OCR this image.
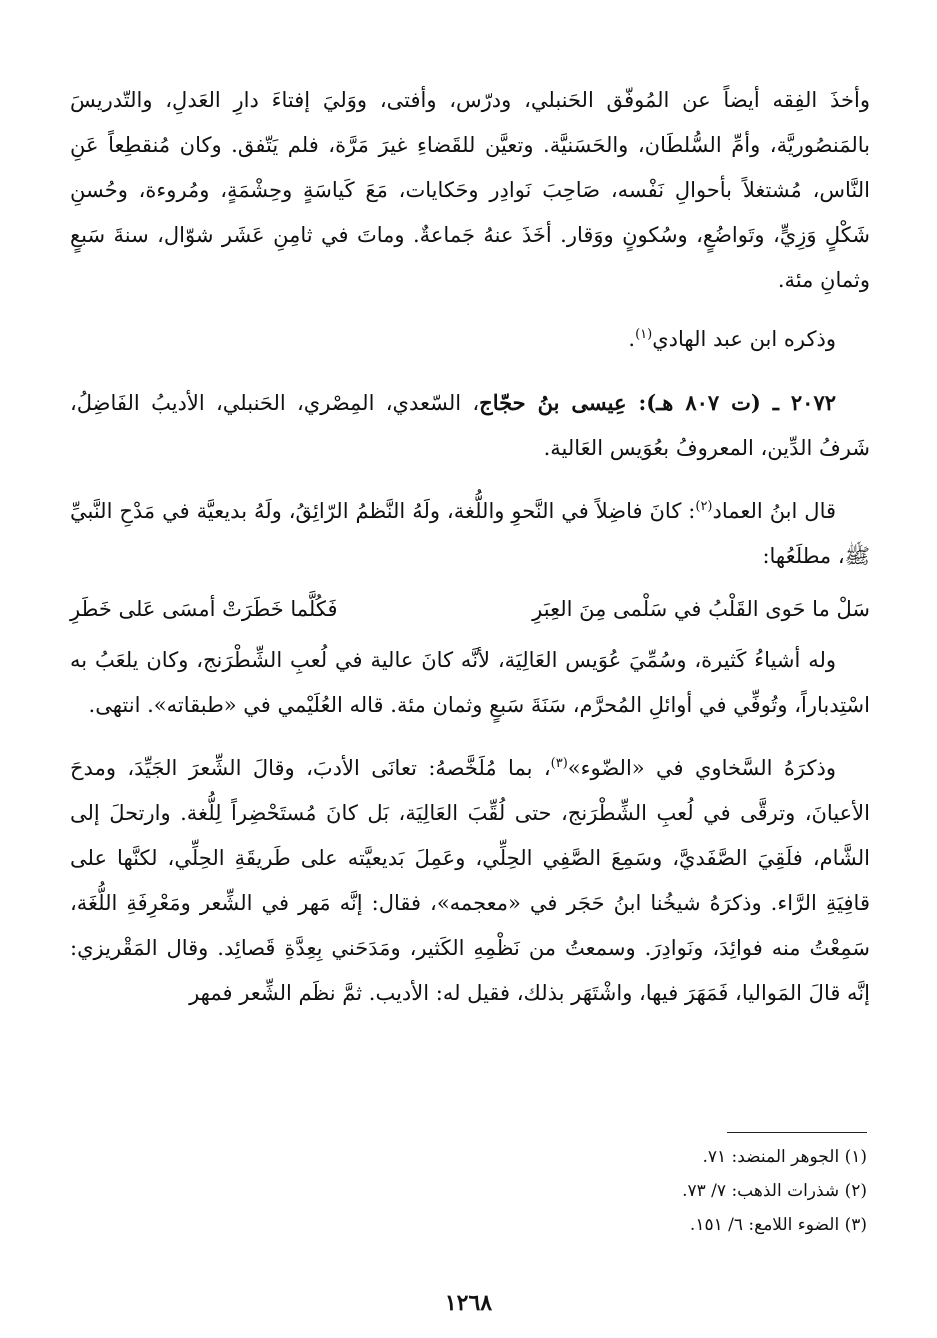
وأخذَ الفِقه أيضاً عن المُوفّق الحَنبلي، ودرّس، وأفتى، ووَليَ إفتاءَ دارِ العَدلِ، والتّدريسَ بالمَنصُوريَّة، وأمِّ السُّلطَان، والحَسَنيَّة. وتعيَّن للقَضاءِ غيرَ مَرَّة، فلم يَتّفق. وكان مُنقطِعاً عَنِ النَّاس، مُشتغلاً بأحوالِ نَفْسه، صَاحِبَ نَوادِر وحَكايات، مَعَ كَياسَةٍ وحِشْمَةٍ، ومُروءة، وحُسنِ شَكْلٍ وَزِيٍّ، وتَواضُعٍ، وسُكونٍ ووَقار. أخَذَ عنهُ جَماعةٌ. وماتَ في ثامِنِ عَشَر شوّال، سنةَ سَبعٍ وثمانِ مئة.

وذكره ابن عبد الهادي$^{(١)}$.

٢٠٧٢ ـ (ت ٨٠٧ هـ): عِيسى بنُ حجّاج، السّعدي، المِصْري، الحَنبلي، الأديبُ الفَاضِلُ، شَرفُ الدِّين، المعروفُ بعُوَيس العَالية.

قال ابنُ العماد$^{(٢)}$: كانَ فاضِلاً في النَّحوِ واللُّغة، ولَهُ النَّظمُ الرّائِقُ، ولَهُ بديعيَّة في مَدْحِ النَّبيِّ ﷺ، مطلَعُها:

سَلْ ما حَوى القَلْبُ في سَلْمى مِنَ العِبَرِ
فَكُلَّما خَطَرَتْ أمسَى عَلى خَطَرِ

وله أشياءُ كَثيرة، وسُمِّيَ عُوَيس العَالِيَة، لأنَّه كانَ عالية في لُعبِ الشِّطْرَنج، وكان يلعَبُ به اسْتِدباراً، وتُوفِّي في أوائلِ المُحرَّم، سَنَةَ سَبعٍ وثمان مئة. قاله العُلَيْمي في «طبقاته». انتهى.

وذكرَهُ السَّخاوي في «الضّوء»$^{(٣)}$، بما مُلَخَّصهُ: تعانَى الأدبَ، وقالَ الشِّعرَ الجَيِّدَ، ومدحَ الأعيانَ، وترقَّى في لُعبِ الشِّطْرَنج، حتى لُقِّبَ العَالِيَة، بَل كانَ مُستَحْضِراً لِلُّغة. وارتحلَ إلى الشَّام، فلَقِيَ الصَّفَديَّ، وسَمِعَ الصَّفِي الحِلِّي، وعَمِلَ بَديعيَّته على طَريقَةِ الحِلِّي، لكنَّها على قافِيَةِ الرَّاء. وذكرَهُ شيخُنا ابنُ حَجَر في «معجمه»، فقال: إنَّه مَهر في الشِّعر ومَعْرِفَةِ اللُّغَة، سَمِعْتُ منه فوائِدَ، ونَوادِرَ. وسمعتُ من نَظْمِهِ الكَثير، ومَدَحَني بِعِدَّةِ قَصائِد. وقال المَقْريزي: إنَّه قالَ المَواليا، فَمَهَرَ فيها، واشْتَهَر بذلك، فقيل له: الأديب. ثمَّ نظَم الشِّعر فمهر

(١) الجوهر المنضد: ٧١.

(٢) شذرات الذهب: ٧/ ٧٣.

(٣) الضوء اللامع: ٦/ ١٥١.

١٢٦٨
